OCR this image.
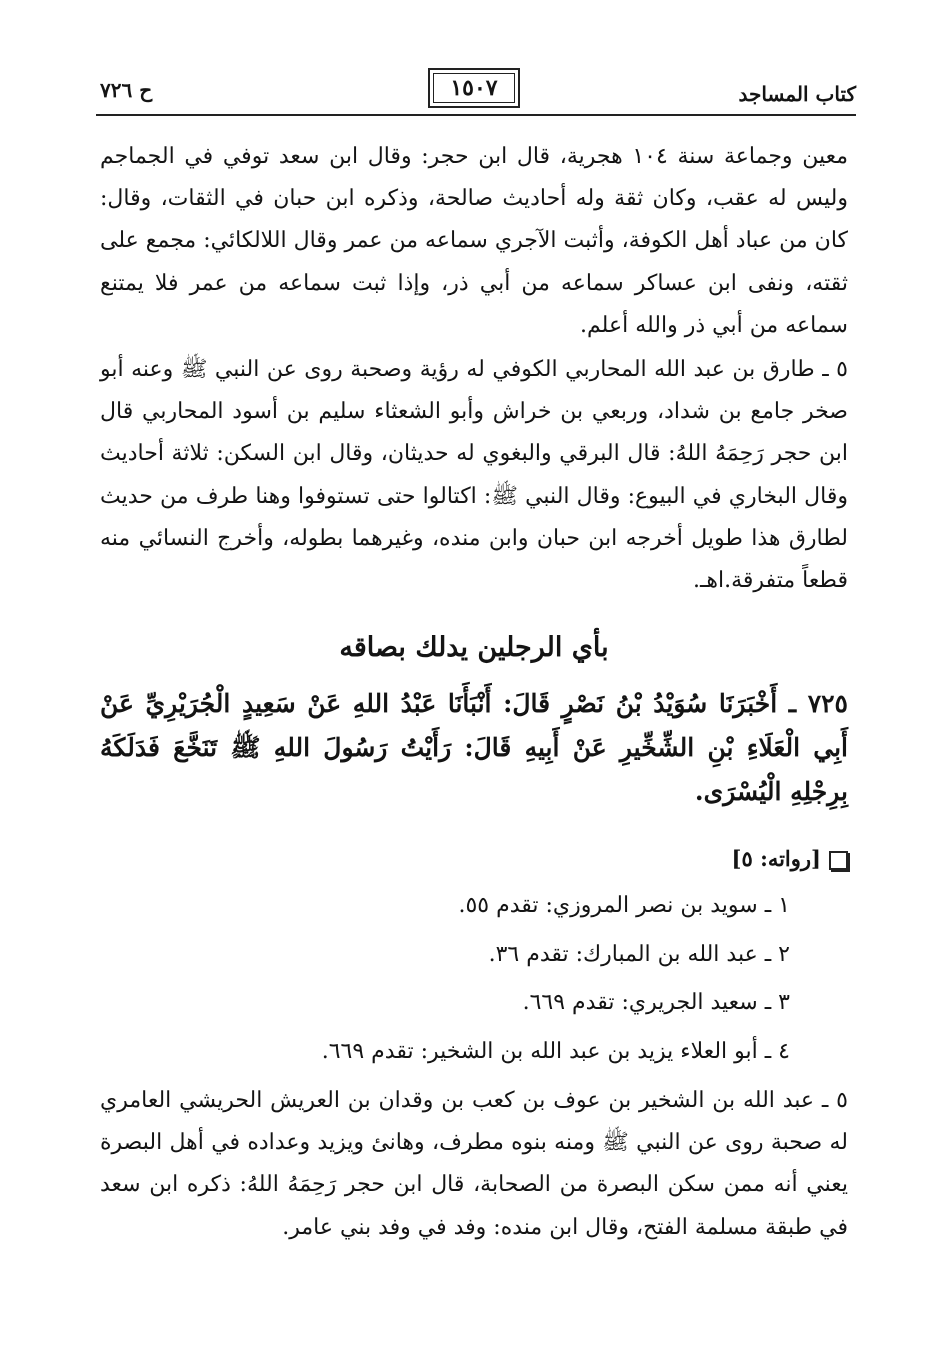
ح ٧٢٦	١٥٠٧	كتاب المساجد
معين وجماعة سنة ١٠٤ هجرية، قال ابن حجر: وقال ابن سعد توفي في الجماجم وليس له عقب، وكان ثقة وله أحاديث صالحة، وذكره ابن حبان في الثقات، وقال: كان من عباد أهل الكوفة، وأثبت الآجري سماعه من عمر وقال اللالكائي: مجمع على ثقته، ونفى ابن عساكر سماعه من أبي ذر، وإذا ثبت سماعه من عمر فلا يمتنع سماعه من أبي ذر والله أعلم.
٥ ـ طارق بن عبد الله المحاربي الكوفي له رؤية وصحبة روى عن النبي ﷺ وعنه أبو صخر جامع بن شداد، وربعي بن خراش وأبو الشعثاء سليم بن أسود المحاربي قال ابن حجر رَحِمَهُ اللهُ: قال البرقي والبغوي له حديثان، وقال ابن السكن: ثلاثة أحاديث وقال البخاري في البيوع: وقال النبي ﷺ: اكتالوا حتى تستوفوا وهنا طرف من حديث لطارق هذا طويل أخرجه ابن حبان وابن منده، وغيرهما بطوله، وأخرج النسائي منه قطعاً متفرقة.اهـ.
بأي الرجلين يدلك بصاقه
٧٢٥ ـ أَخْبَرَنَا سُوَيْدُ بْنُ نَصْرٍ قَالَ: أَنْبَأَنَا عَبْدُ اللهِ عَنْ سَعِيدٍ الْجُرَيْرِيِّ عَنْ أَبِي الْعَلَاءِ بْنِ الشِّخِّيرِ عَنْ أَبِيهِ قَالَ: رَأَيْتُ رَسُولَ اللهِ ﷺ تَنَخَّعَ فَدَلَكَهُ بِرِجْلِهِ الْيُسْرَى.
[رواته: ٥]
١ ـ سويد بن نصر المروزي: تقدم ٥٥.
٢ ـ عبد الله بن المبارك: تقدم ٣٦.
٣ ـ سعيد الجريري: تقدم ٦٦٩.
٤ ـ أبو العلاء يزيد بن عبد الله بن الشخير: تقدم ٦٦٩.
٥ ـ عبد الله بن الشخير بن عوف بن كعب بن وقدان بن العريش الحريشي العامري له صحبة روى عن النبي ﷺ ومنه بنوه مطرف، وهانئ ويزيد وعداده في أهل البصرة يعني أنه ممن سكن البصرة من الصحابة، قال ابن حجر رَحِمَهُ اللهُ: ذكره ابن سعد في طبقة مسلمة الفتح، وقال ابن منده: وفد في وفد بني عامر.
